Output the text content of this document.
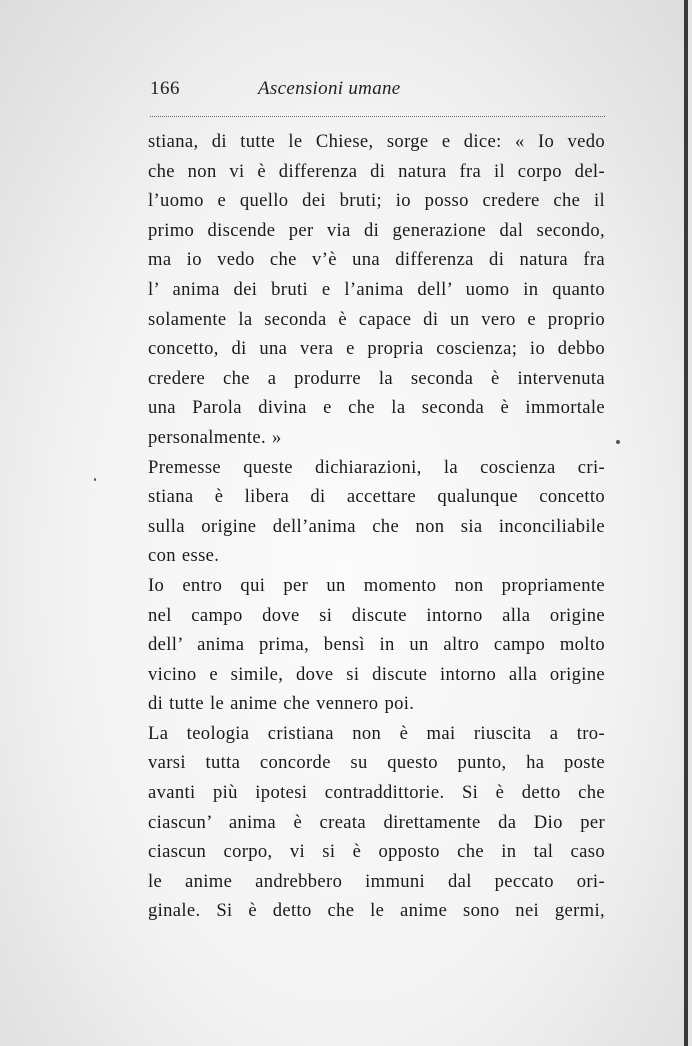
166	Ascensioni umane
stiana, di tutte le Chiese, sorge e dice: « Io vedo
che non vi è differenza di natura fra il corpo del-
l’uomo e quello dei bruti; io posso credere che il
primo discende per via di generazione dal secondo,
ma io vedo che v’è una differenza di natura fra
l’ anima dei bruti e l’anima dell’ uomo in quanto
solamente la seconda è capace di un vero e proprio
concetto, di una vera e propria coscienza; io debbo
credere che a produrre la seconda è intervenuta
una Parola divina e che la seconda è immortale
personalmente. »
Premesse queste dichiarazioni, la coscienza cri-
stiana è libera di accettare qualunque concetto
sulla origine dell’anima che non sia inconciliabile
con esse.
Io entro qui per un momento non propriamente
nel campo dove si discute intorno alla origine
dell’ anima prima, bensì in un altro campo molto
vicino e simile, dove si discute intorno alla origine
di tutte le anime che vennero poi.
La teologia cristiana non è mai riuscita a tro-
varsi tutta concorde su questo punto, ha poste
avanti più ipotesi contraddittorie. Si è detto che
ciascun’ anima è creata direttamente da Dio per
ciascun corpo, vi si è opposto che in tal caso
le anime andrebbero immuni dal peccato ori-
ginale. Si è detto che le anime sono nei germi,
